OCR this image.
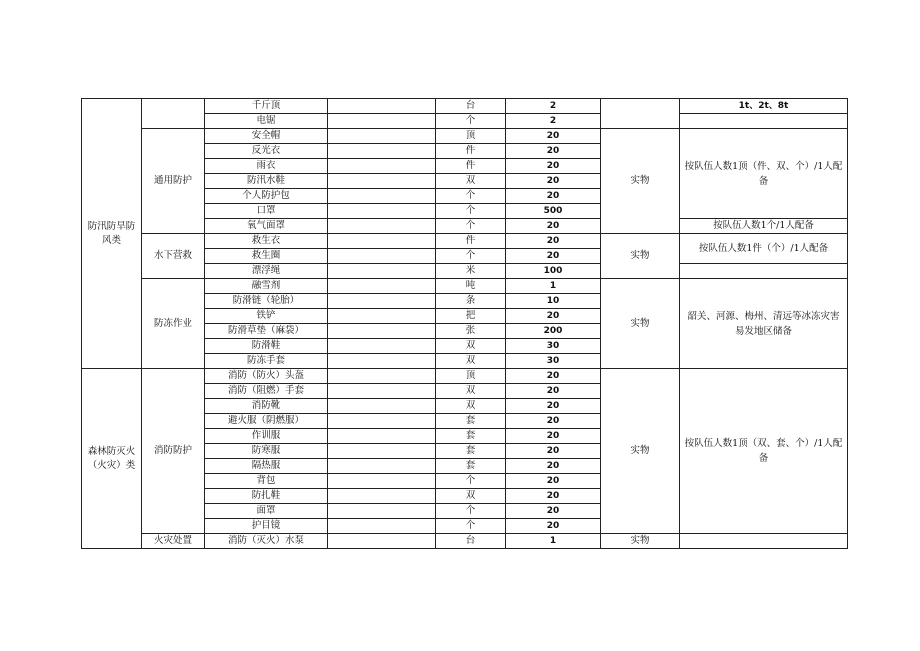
防汛防旱防风类		千斤顶		台	2		1t、2t、8t
		电锯		个	2		
	通用防护	安全帽		顶	20	实物	按队伍人数1顶（件、双、个）/1人配备
		反光衣		件	20		
		雨衣		件	20		
		防汛水鞋		双	20		
		个人防护包		个	20		
		口罩		个	500		
		氧气面罩		个	20		按队伍人数1个/1人配备
	水下营救	救生衣		件	20	实物	按队伍人数1件（个）/1人配备
		救生圈		个	20		
		漂浮绳		米	100		
	防冻作业	融雪剂		吨	1	实物	韶关、河源、梅州、清远等冰冻灾害易发地区储备
		防滑链（轮胎）		条	10		
		铁铲		把	20		
		防滑草垫（麻袋）		张	200		
		防滑鞋		双	30		
		防冻手套		双	30		
森林防灭火（火灾）类	消防防护	消防（防火）头盔		顶	20	实物	按队伍人数1顶（双、套、个）/1人配备
		消防（阻燃）手套		双	20		
		消防靴		双	20		
		避火服（阴燃服）		套	20		
		作训服		套	20		
		防寒服		套	20		
		隔热服		套	20		
		背包		个	20		
		防扎鞋		双	20		
		面罩		个	20		
		护目镜		个	20		
	火灾处置	消防（灭火）水泵		台	1	实物	
